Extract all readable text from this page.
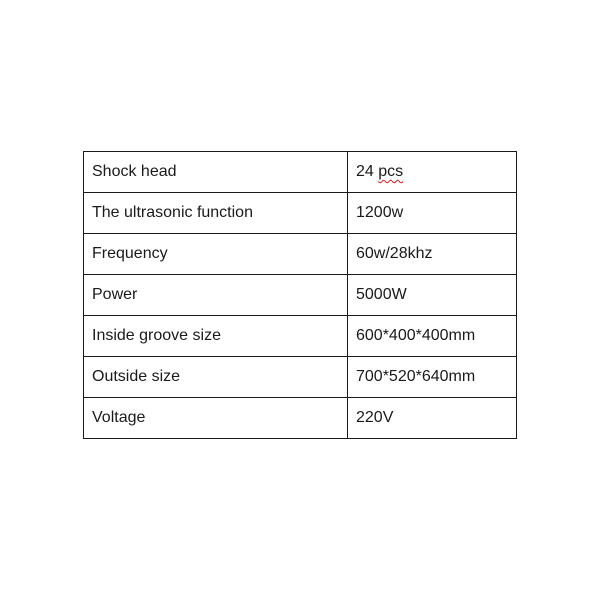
Shock head	24 pcs
The ultrasonic function	1200w
Frequency	60w/28khz
Power	5000W
Inside groove size	600*400*400mm
Outside size	700*520*640mm
Voltage	220V
